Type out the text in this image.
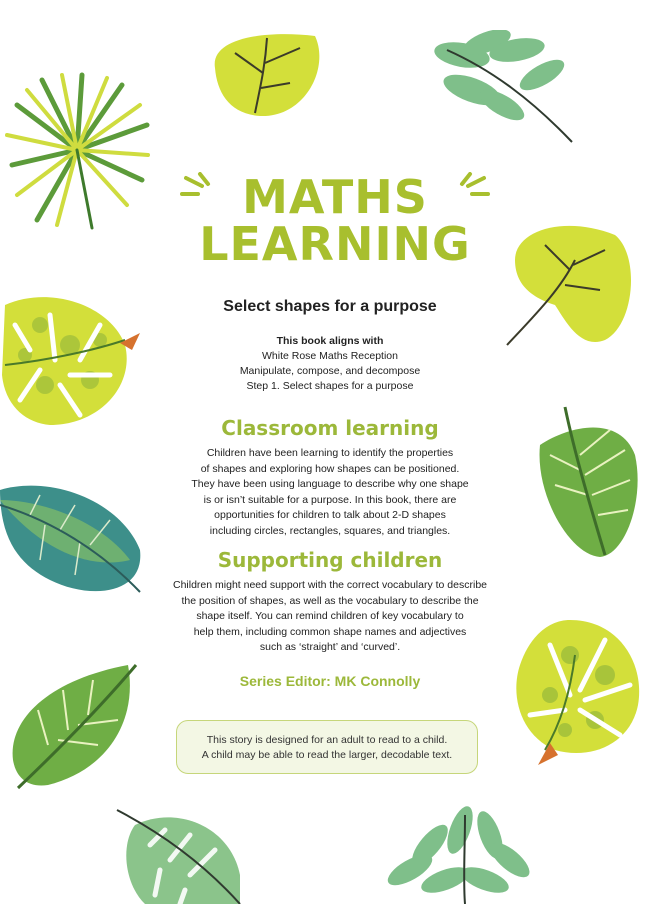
MATHS
LEARNING
Select shapes for a purpose
This book aligns with
White Rose Maths Reception
Manipulate, compose, and decompose
Step 1. Select shapes for a purpose
Classroom learning
Children have been learning to identify the properties
of shapes and exploring how shapes can be positioned.
They have been using language to describe why one shape
is or isn’t suitable for a purpose. In this book, there are
opportunities for children to talk about 2-D shapes
including circles, rectangles, squares, and triangles.
Supporting children
Children might need support with the correct vocabulary to describe
the position of shapes, as well as the vocabulary to describe the
shape itself. You can remind children of key vocabulary to
help them, including common shape names and adjectives
such as ‘straight’ and ‘curved’.
Series Editor: MK Connolly
This story is designed for an adult to read to a child.
A child may be able to read the larger, decodable text.
